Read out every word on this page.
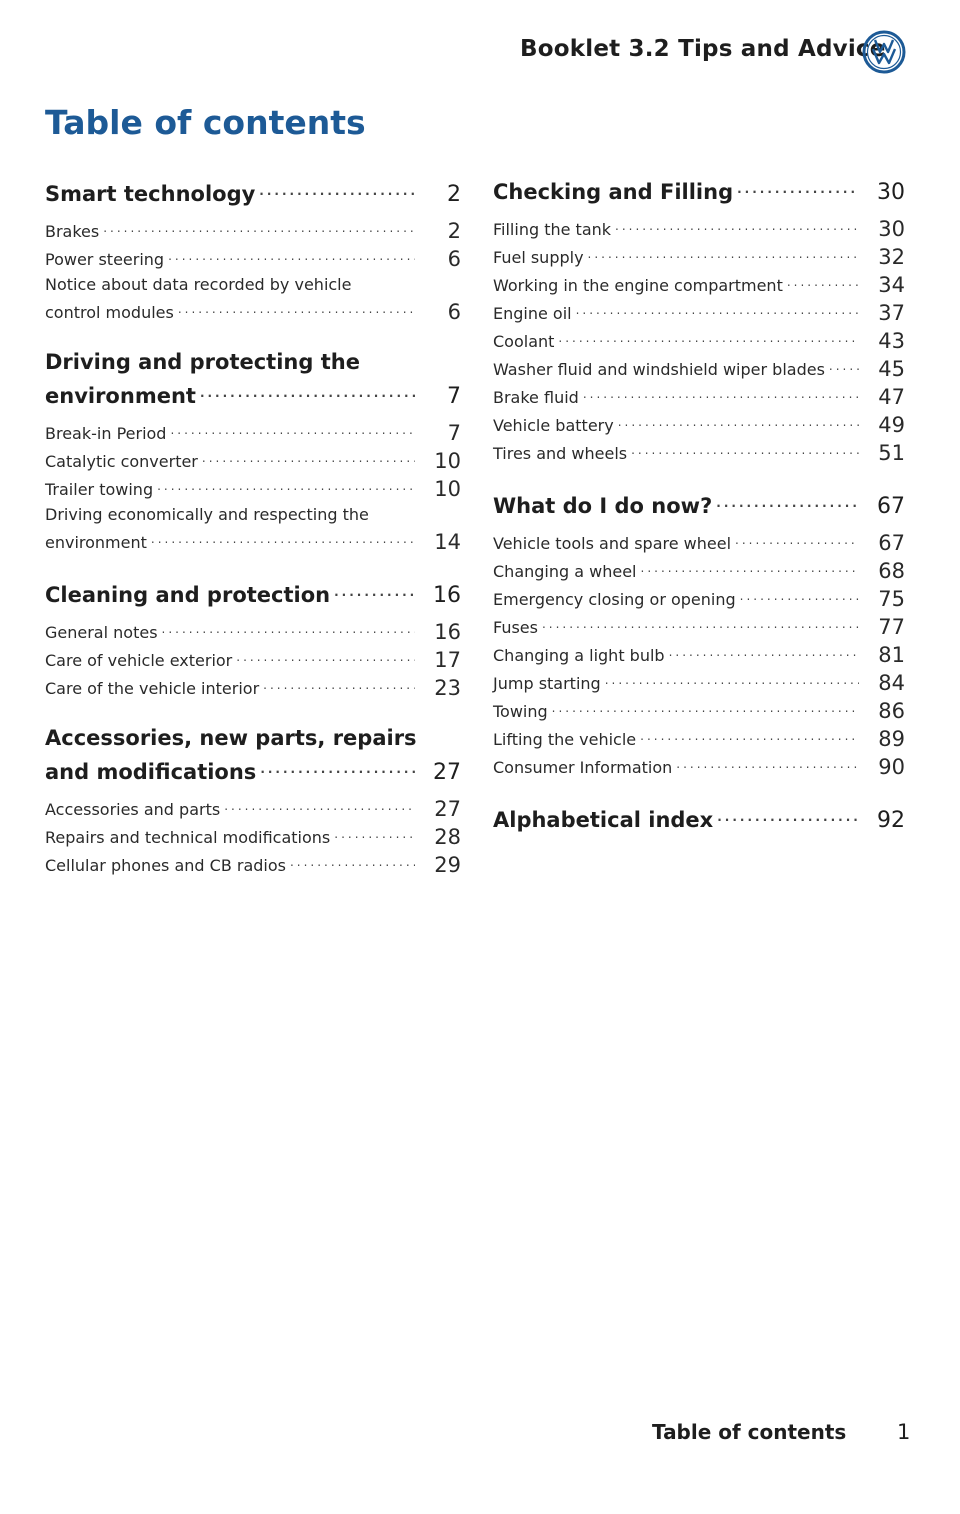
Booklet 3.2 Tips and Advice
Table of contents
Smart technology .....	2
Brakes .....	2
Power steering .....	6
Notice about data recorded by vehicle
control modules .....	6
Driving and protecting the
environment .....	7
Break-in Period .....	7
Catalytic converter .....	10
Trailer towing .....	10
Driving economically and respecting the
environment .....	14
Cleaning and protection .....	16
General notes .....	16
Care of vehicle exterior .....	17
Care of the vehicle interior .....	23
Accessories, new parts, repairs
and modifications .....	27
Accessories and parts .....	27
Repairs and technical modifications .....	28
Cellular phones and CB radios .....	29
Checking and Filling .....	30
Filling the tank .....	30
Fuel supply .....	32
Working in the engine compartment .....	34
Engine oil .....	37
Coolant .....	43
Washer fluid and windshield wiper blades .....	45
Brake fluid .....	47
Vehicle battery .....	49
Tires and wheels .....	51
What do I do now? .....	67
Vehicle tools and spare wheel .....	67
Changing a wheel .....	68
Emergency closing or opening .....	75
Fuses .....	77
Changing a light bulb .....	81
Jump starting .....	84
Towing .....	86
Lifting the vehicle .....	89
Consumer Information .....	90
Alphabetical index .....	92
Table of contents 1
